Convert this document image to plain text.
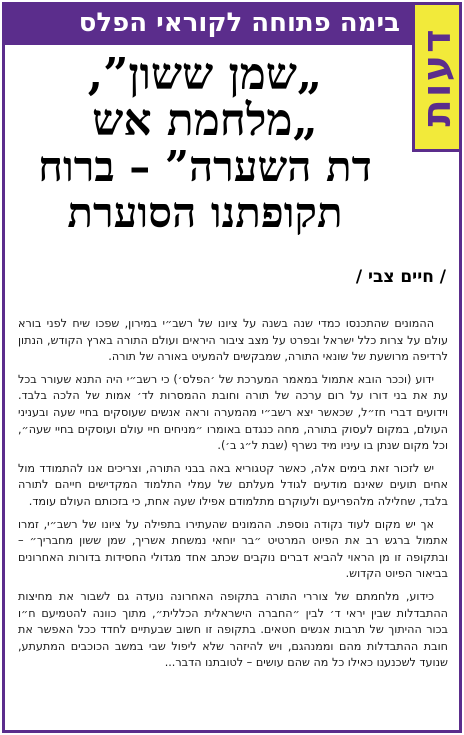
בימה פתוחה לקוראי הפלס
דעות
„שמן ששון”,
„מלחמת אש
דת השערה” – ברוח
תקופתנו הסוערת
/ חיים צבי /

ההמונים שהתכנסו כמדי שנה בשנה על ציונו של רשב״י במירון, שפכו שיח לפני בורא עולם על צרות כלל ישראל ובפרט על מצב ציבור היראים ועולם התורה בארץ הקודש, הנתון לרדיפה מרושעת של שונאי התורה, שמבקשים להמעיט באורה של תורה.

ידוע (וככר הובא אתמול במאמר המערכת של ׳הפלס׳) כי רשב״י היה התנא שעורר בכל עת את בני דורו על רום ערכה של תורה וחובת ההמסרות לד׳ אמות של הלכה בלבד. וידועים דברי חז״ל, שכאשר יצא רשב״י מהמערה וראה אנשים שעוסקים בחיי שעה ובעניני העולם, במקום לעסוק בתורה, מחה כנגדם באומרו ״מניחים חיי עולם ועוסקים בחיי שעה״, וכל מקום שנתן בו עיניו מיד נשרף (שבת ל״ג ב׳).

יש לזכור זאת בימים אלה, כאשר קטגוריא באה בבני התורה, וצריכים אנו להתמודד מול אחים תועים שאינם מודעים לגודל מעלתם של עמלי התלמוד המקדישים חייהם לתורה בלבד, שחלילה מלהפריעם ולעוקרם מתלמודם אפילו שעה אחת, כי בזכותם העולם עומד.

אך יש מקום לעוד נקודה נוספת. ההמונים שהעתירו בתפילה על ציונו של רשב״י, זמרו אתמול ברגש רב את הפיוט המרטיט ״בר יוחאי נמשחת אשריך, שמן ששון מחבריך״ – ובתקופה זו מן הראוי להביא דברים נוקבים שכתב אחד מגדולי החסידות בדורות האחרונים בביאור הפיוט הקדוש.

כידוע, מלחמתם של צוררי התורה בתקופה האחרונה נועדה גם לשבור את מחיצות ההתבדלות שבין יראי ד׳ לבין ״החברה הישראלית הכללית״, מתוך כוונה להטמיעם ח״ו בכור ההיתוך של תרבות אנשים חטאים. בתקופה זו חשוב שבעתיים לחדד ככל האפשר את חובת ההתבדלות מהם וממנהגם, ויש להיזהר שלא ליפול שבי במשב הכוכבים המתעתע, שנועד לשכנענו כאילו כל מה שהם עושים – לטובתנו הדבר...
